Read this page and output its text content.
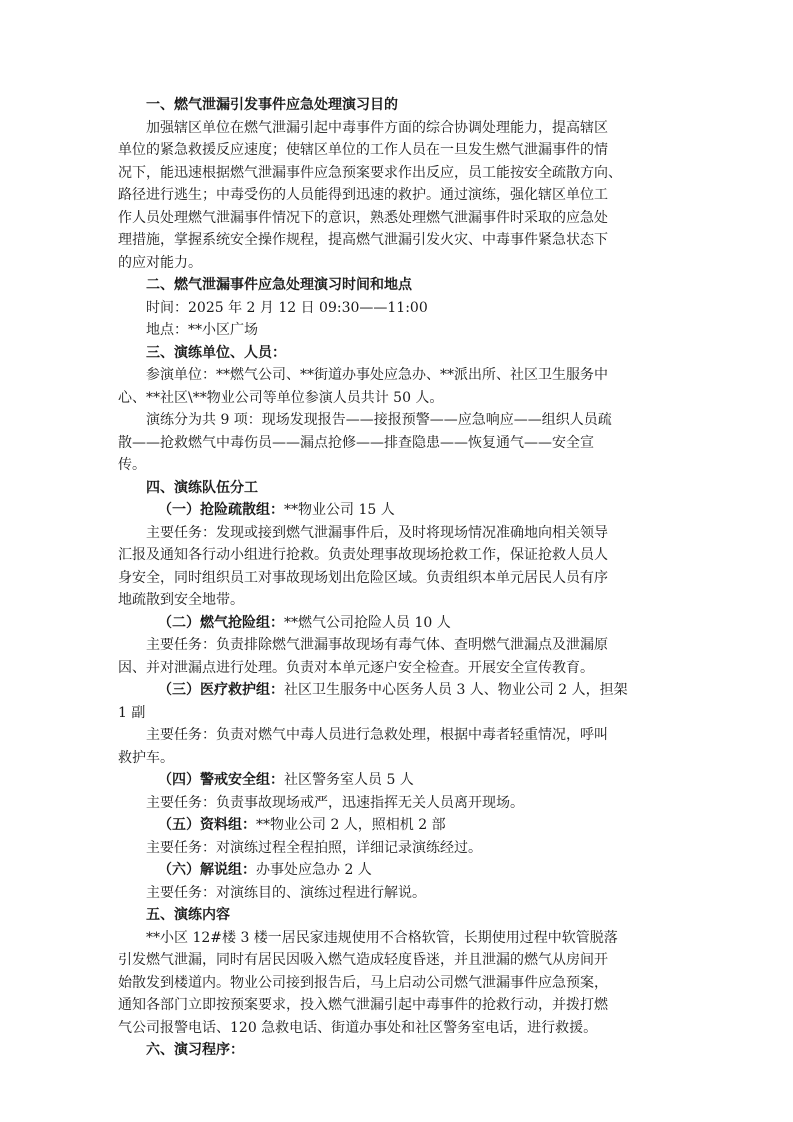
一、燃气泄漏引发事件应急处理演习目的
加强辖区单位在燃气泄漏引起中毒事件方面的综合协调处理能力，提高辖区
单位的紧急救援反应速度；使辖区单位的工作人员在一旦发生燃气泄漏事件的情
况下，能迅速根据燃气泄漏事件应急预案要求作出反应，员工能按安全疏散方向、
路径进行逃生；中毒受伤的人员能得到迅速的救护。通过演练，强化辖区单位工
作人员处理燃气泄漏事件情况下的意识，熟悉处理燃气泄漏事件时采取的应急处
理措施，掌握系统安全操作规程，提高燃气泄漏引发火灾、中毒事件紧急状态下
的应对能力。
二、燃气泄漏事件应急处理演习时间和地点
时间：2025 年 2 月 12 日 09:30——11:00
地点：**小区广场
三、演练单位、人员：
参演单位：**燃气公司、**街道办事处应急办、**派出所、社区卫生服务中
心、**社区\**物业公司等单位参演人员共计 50 人。
演练分为共 9 项：现场发现报告——接报预警——应急响应——组织人员疏
散——抢救燃气中毒伤员——漏点抢修——排查隐患——恢复通气——安全宣
传。
四、演练队伍分工
（一）抢险疏散组：**物业公司 15 人
主要任务：发现或接到燃气泄漏事件后，及时将现场情况准确地向相关领导
汇报及通知各行动小组进行抢救。负责处理事故现场抢救工作，保证抢救人员人
身安全，同时组织员工对事故现场划出危险区域。负责组织本单元居民人员有序
地疏散到安全地带。
（二）燃气抢险组：**燃气公司抢险人员 10 人
主要任务：负责排除燃气泄漏事故现场有毒气体、查明燃气泄漏点及泄漏原
因、并对泄漏点进行处理。负责对本单元逐户安全检查。开展安全宣传教育。
（三）医疗救护组：社区卫生服务中心医务人员 3 人、物业公司 2 人，担架
1 副
主要任务：负责对燃气中毒人员进行急救处理，根据中毒者轻重情况，呼叫
救护车。
（四）警戒安全组：社区警务室人员 5 人
主要任务：负责事故现场戒严，迅速指挥无关人员离开现场。
（五）资料组：**物业公司 2 人，照相机 2 部
主要任务：对演练过程全程拍照，详细记录演练经过。
（六）解说组：办事处应急办 2 人
主要任务：对演练目的、演练过程进行解说。
五、演练内容
**小区 12#楼 3 楼一居民家违规使用不合格软管，长期使用过程中软管脱落
引发燃气泄漏，同时有居民因吸入燃气造成轻度昏迷，并且泄漏的燃气从房间开
始散发到楼道内。物业公司接到报告后，马上启动公司燃气泄漏事件应急预案，
通知各部门立即按预案要求，投入燃气泄漏引起中毒事件的抢救行动，并拨打燃
气公司报警电话、120 急救电话、街道办事处和社区警务室电话，进行救援。
六、演习程序：
